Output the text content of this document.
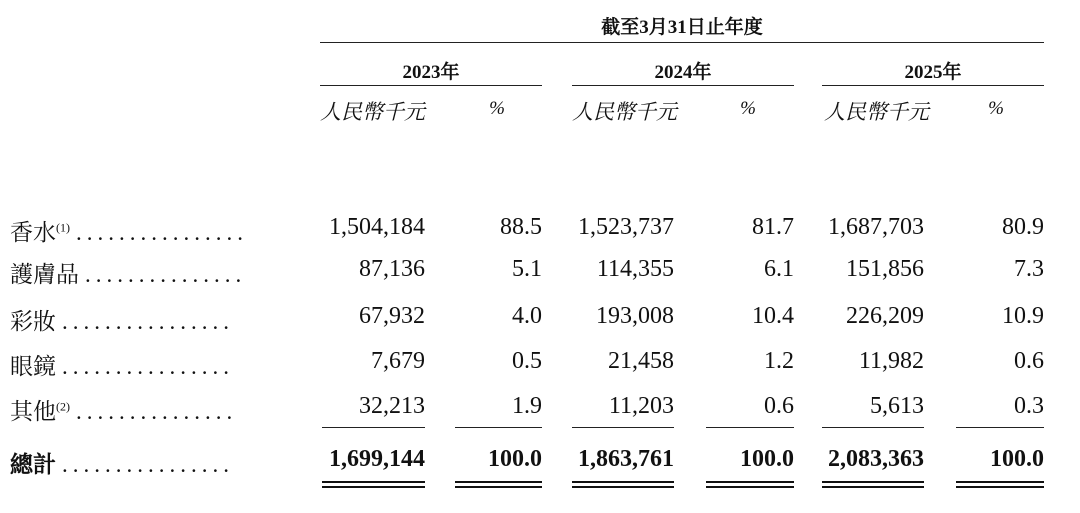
截至3月31日止年度
2023年	2024年	2025年
人民幣千元	%	人民幣千元	%	人民幣千元	%
香水$^{(1)}$ ................	1,504,184	88.5	1,523,737	81.7	1,687,703	80.9
護膚品 ...............	87,136	5.1	114,355	6.1	151,856	7.3
彩妝 ................	67,932	4.0	193,008	10.4	226,209	10.9
眼鏡 ................	7,679	0.5	21,458	1.2	11,982	0.6
其他$^{(2)}$ ...............	32,213	1.9	11,203	0.6	5,613	0.3
總計 ................	1,699,144	100.0	1,863,761	100.0	2,083,363	100.0
